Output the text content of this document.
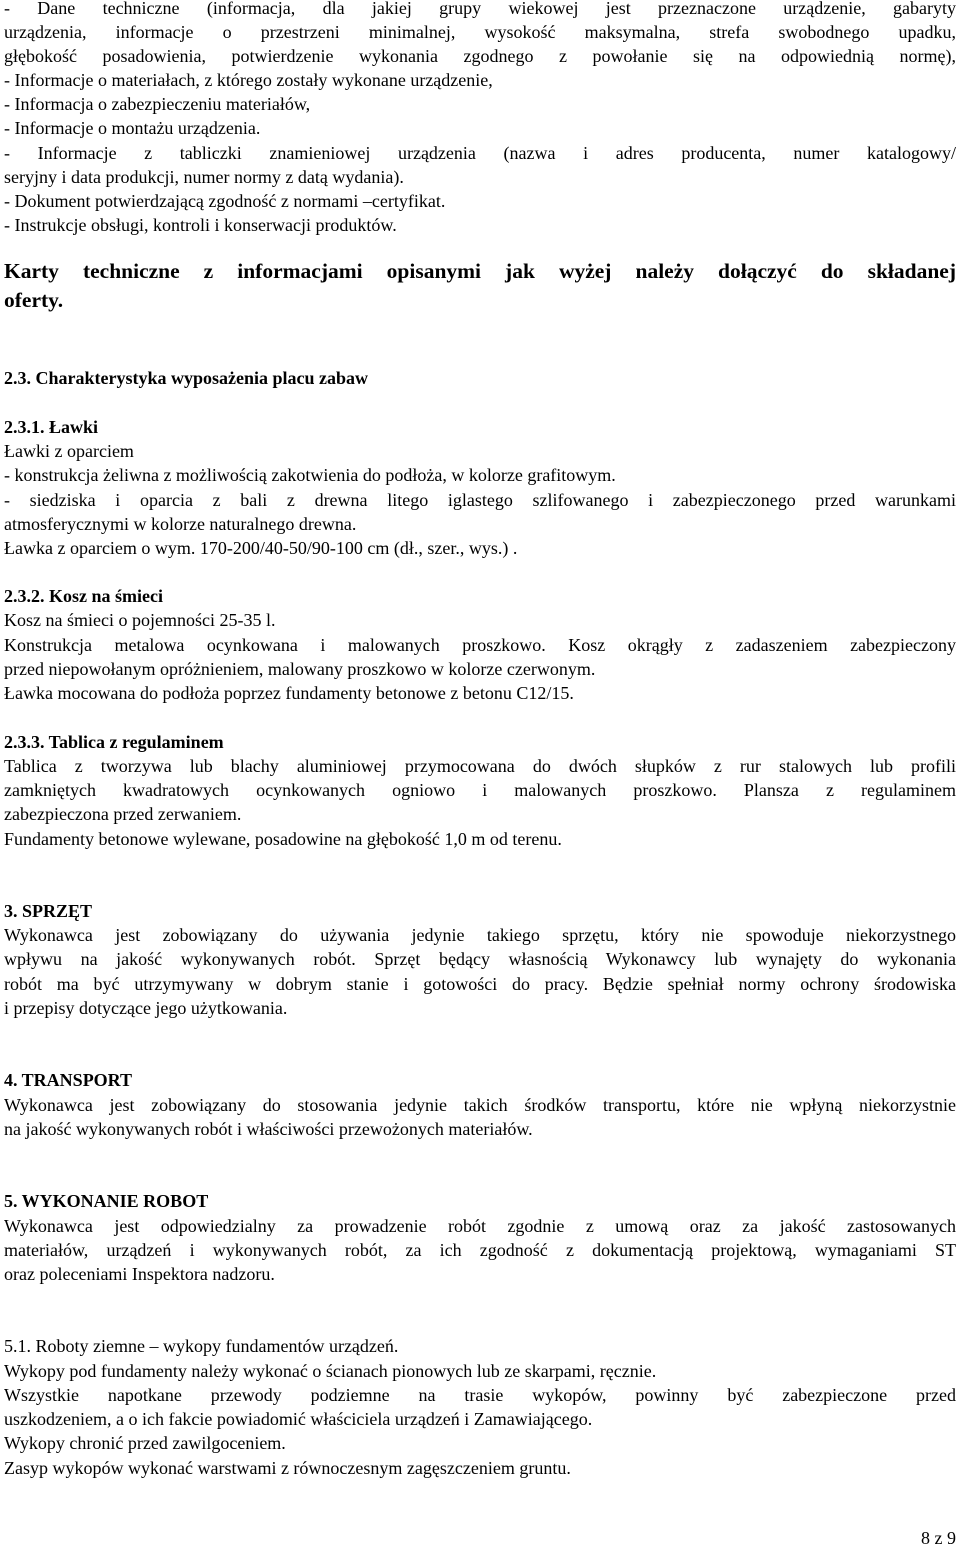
- Dane techniczne (informacja, dla jakiej grupy wiekowej jest przeznaczone urządzenie, gabaryty
urządzenia, informacje o przestrzeni minimalnej, wysokość maksymalna, strefa swobodnego upadku,
głębokość posadowienia, potwierdzenie wykonania zgodnego z powołanie się na odpowiednią normę),
- Informacje o materiałach, z którego zostały wykonane urządzenie,
- Informacja o zabezpieczeniu materiałów,
- Informacje o montażu urządzenia.
- Informacje z tabliczki znamieniowej urządzenia (nazwa i adres producenta, numer katalogowy/
seryjny i data produkcji, numer normy z datą wydania).
- Dokument potwierdzającą zgodność z normami –certyfikat.
- Instrukcje obsługi, kontroli i konserwacji produktów.
Karty techniczne z informacjami opisanymi jak wyżej należy dołączyć do składanej
oferty.
2.3. Charakterystyka wyposażenia placu zabaw
2.3.1. Ławki
Ławki z oparciem
- konstrukcja żeliwna z możliwością zakotwienia do podłoża, w kolorze grafitowym.
- siedziska i oparcia z bali z drewna litego iglastego szlifowanego i zabezpieczonego przed warunkami
atmosferycznymi w kolorze naturalnego drewna.
Ławka z oparciem o wym. 170-200/40-50/90-100 cm (dł., szer., wys.) .
2.3.2. Kosz na śmieci
Kosz na śmieci o pojemności 25-35 l.
Konstrukcja metalowa ocynkowana i malowanych proszkowo. Kosz okrągły z zadaszeniem zabezpieczony
przed niepowołanym opróżnieniem, malowany proszkowo w kolorze czerwonym.
Ławka mocowana do podłoża poprzez fundamenty betonowe z betonu C12/15.
2.3.3. Tablica z regulaminem
Tablica z tworzywa lub blachy aluminiowej przymocowana do dwóch słupków z rur stalowych lub profili
zamkniętych kwadratowych ocynkowanych ogniowo i malowanych proszkowo. Plansza z regulaminem
zabezpieczona przed zerwaniem.
Fundamenty betonowe wylewane, posadowine na głębokość 1,0 m od terenu.
3. SPRZĘT
Wykonawca jest zobowiązany do używania jedynie takiego sprzętu, który nie spowoduje niekorzystnego
wpływu na jakość wykonywanych robót. Sprzęt będący własnością Wykonawcy lub wynajęty do wykonania
robót ma być utrzymywany w dobrym stanie i gotowości do pracy. Będzie spełniał normy ochrony środowiska
i przepisy dotyczące jego użytkowania.
4. TRANSPORT
Wykonawca jest zobowiązany do stosowania jedynie takich środków transportu, które nie wpłyną niekorzystnie
na jakość wykonywanych robót i właściwości przewożonych materiałów.
5. WYKONANIE ROBOT
Wykonawca jest odpowiedzialny za prowadzenie robót zgodnie z umową oraz za jakość zastosowanych
materiałów, urządzeń i wykonywanych robót, za ich zgodność z dokumentacją projektową, wymaganiami ST
oraz poleceniami Inspektora nadzoru.
5.1. Roboty ziemne – wykopy fundamentów urządzeń.
Wykopy pod fundamenty należy wykonać o ścianach pionowych lub ze skarpami, ręcznie.
Wszystkie napotkane przewody podziemne na trasie wykopów, powinny być zabezpieczone przed
uszkodzeniem, a o ich fakcie powiadomić właściciela urządzeń i Zamawiającego.
Wykopy chronić przed zawilgoceniem.
Zasyp wykopów wykonać warstwami z równoczesnym zagęszczeniem gruntu.
8 z 9
